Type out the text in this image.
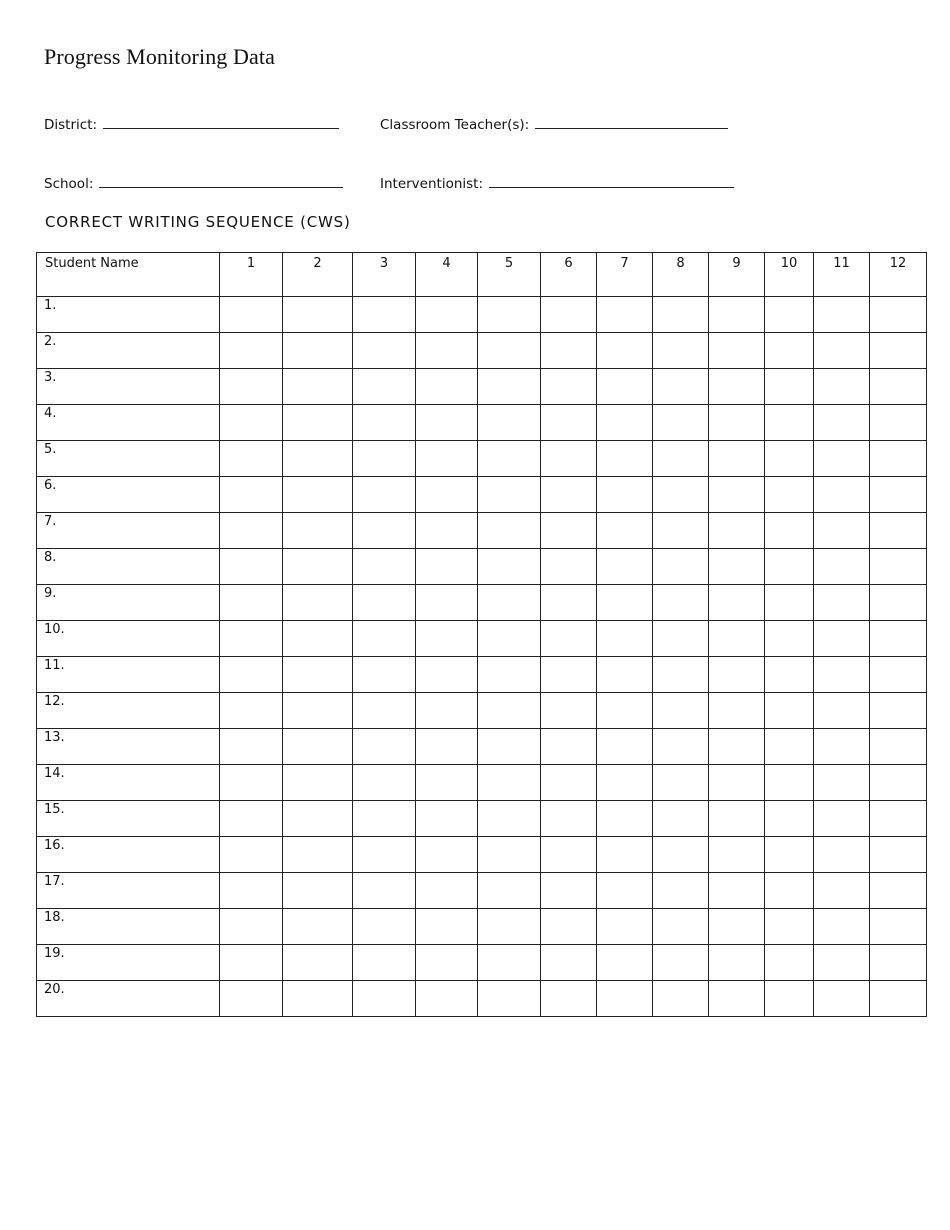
Progress Monitoring Data
District:	Classroom Teacher(s):
School:	Interventionist:
CORRECT WRITING SEQUENCE (CWS)
Student Name	1	2	3	4	5	6	7	8	9	10	11	12
1.												
2.												
3.												
4.												
5.												
6.												
7.												
8.												
9.												
10.												
11.												
12.												
13.												
14.												
15.												
16.												
17.												
18.												
19.												
20.												
